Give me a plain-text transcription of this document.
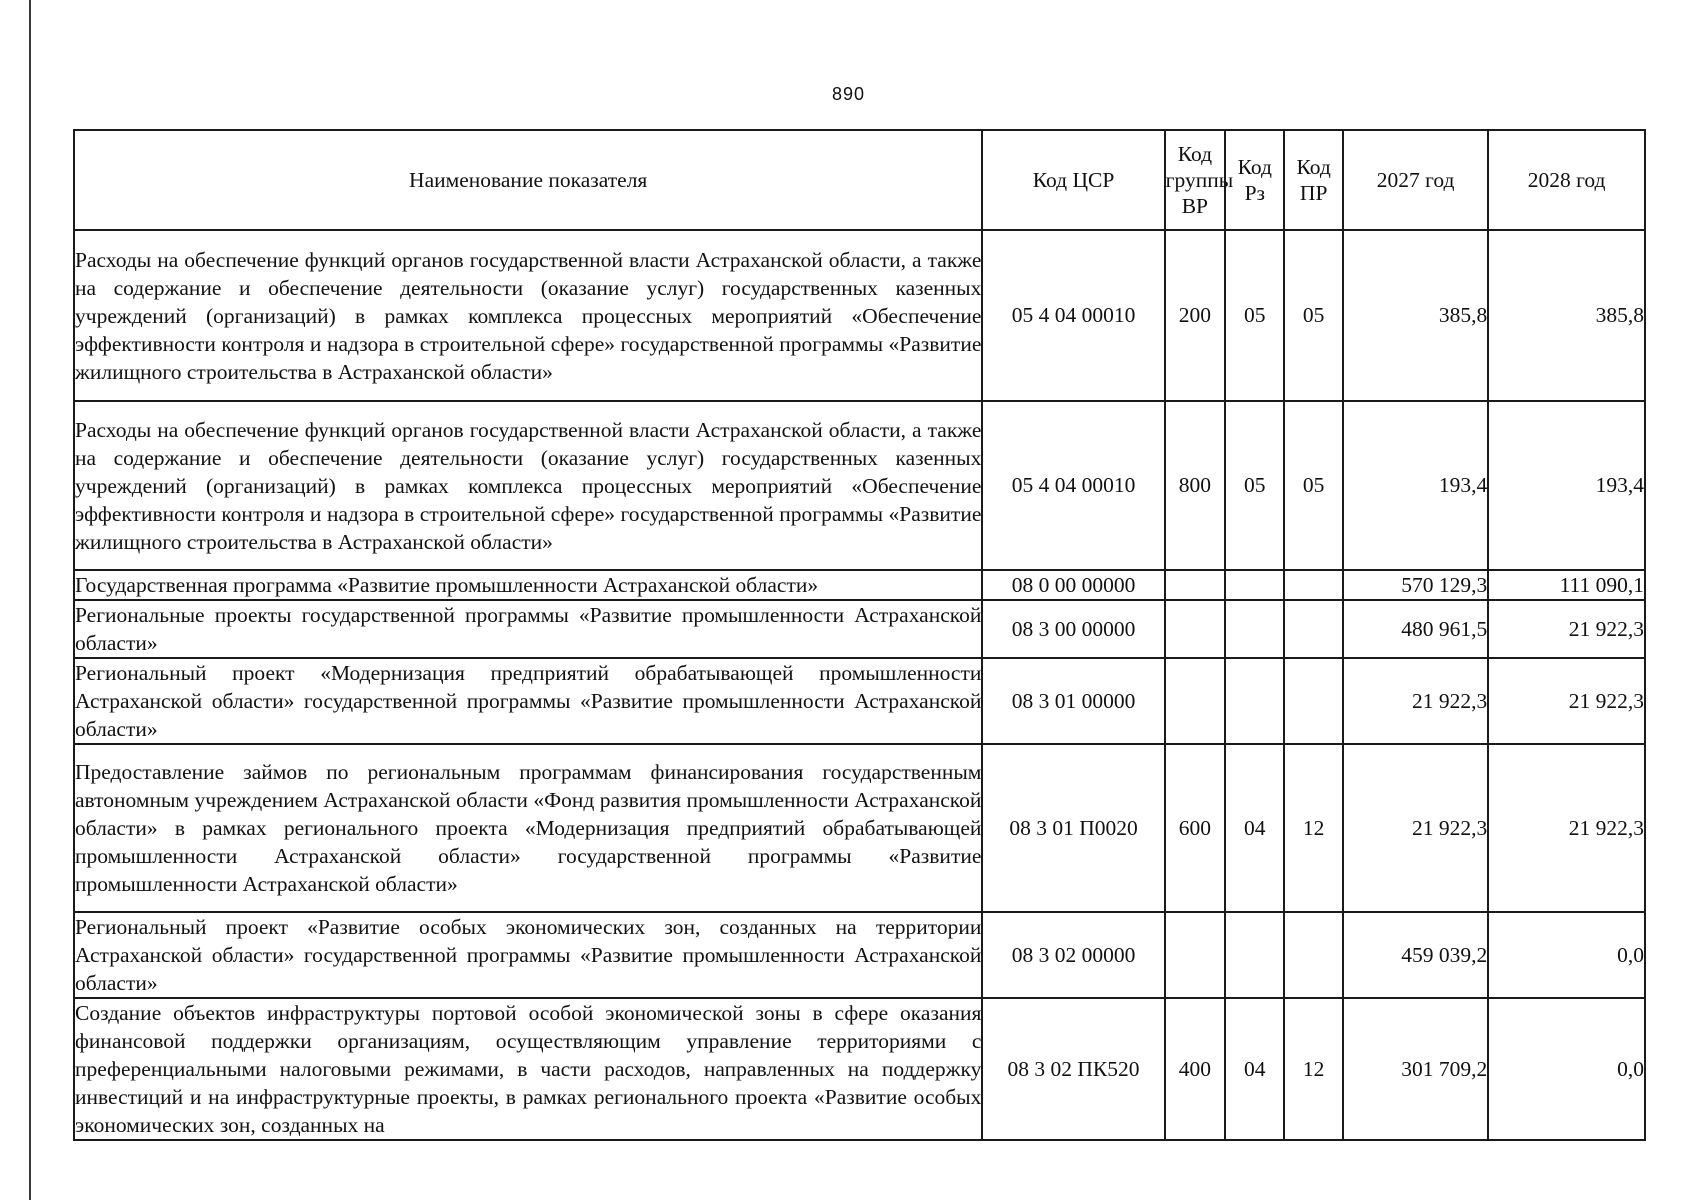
890
Наименование показателя	Код ЦСР	Код группы ВР	Код Рз	Код ПР	2027 год	2028 год
Расходы на обеспечение функций органов государственной власти Астраханской области, а также на содержание и обеспечение деятельности (оказание услуг) государственных казенных учреждений (организаций) в рамках комплекса процессных мероприятий «Обеспечение эффективности контроля и надзора в строительной сфере» государственной программы «Развитие жилищного строительства в Астраханской области»	05 4 04 00010	200	05	05	385,8	385,8
Расходы на обеспечение функций органов государственной власти Астраханской области, а также на содержание и обеспечение деятельности (оказание услуг) государственных казенных учреждений (организаций) в рамках комплекса процессных мероприятий «Обеспечение эффективности контроля и надзора в строительной сфере» государственной программы «Развитие жилищного строительства в Астраханской области»	05 4 04 00010	800	05	05	193,4	193,4
Государственная программа «Развитие промышленности Астраханской области»	08 0 00 00000				570 129,3	111 090,1
Региональные проекты государственной программы «Развитие промышленности Астраханской области»	08 3 00 00000				480 961,5	21 922,3
Региональный проект «Модернизация предприятий обрабатывающей промышленности Астраханской области» государственной программы «Развитие промышленности Астраханской области»	08 3 01 00000				21 922,3	21 922,3
Предоставление займов по региональным программам финансирования государственным автономным учреждением Астраханской области «Фонд развития промышленности Астраханской области» в рамках регионального проекта «Модернизация предприятий обрабатывающей промышленности Астраханской области» государственной программы «Развитие промышленности Астраханской области»	08 3 01 П0020	600	04	12	21 922,3	21 922,3
Региональный проект «Развитие особых экономических зон, созданных на территории Астраханской области» государственной программы «Развитие промышленности Астраханской области»	08 3 02 00000				459 039,2	0,0
Создание объектов инфраструктуры портовой особой экономической зоны в сфере оказания финансовой поддержки организациям, осуществляющим управление территориями с преференциальными налоговыми режимами, в части расходов, направленных на поддержку инвестиций и на инфраструктурные проекты, в рамках регионального проекта «Развитие особых экономических зон, созданных на	08 3 02 ПК520	400	04	12	301 709,2	0,0
